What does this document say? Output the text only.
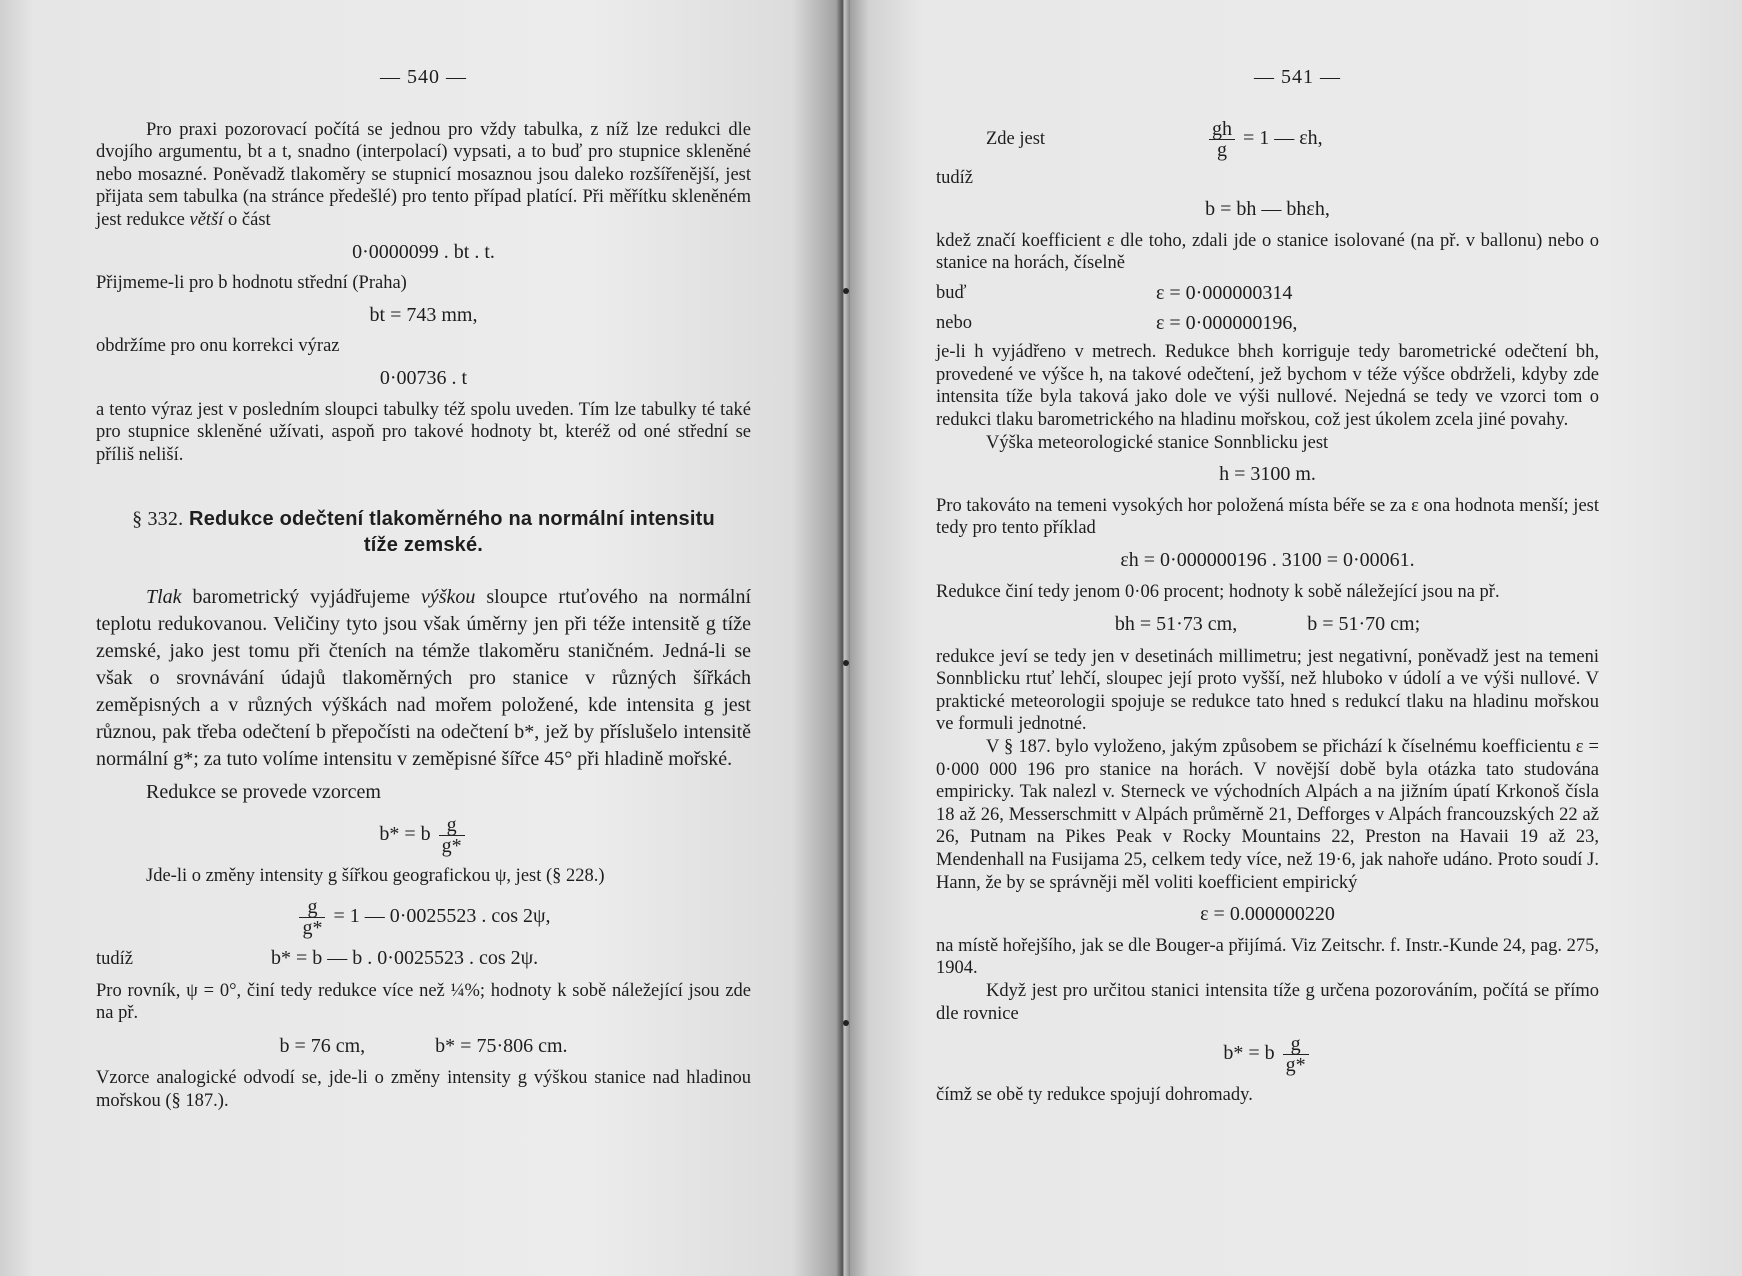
— 540 —

Pro praxi pozorovací počítá se jednou pro vždy tabulka, z níž lze redukci dle dvojího argumentu, bt a t, snadno (interpolací) vypsati, a to buď pro stupnice skleněné nebo mosazné. Poněvadž tlakoměry se stupnicí mosaznou jsou daleko rozšířenější, jest přijata sem tabulka (na stránce předešlé) pro tento případ platící. Při měřítku skleněném jest redukce větší o část

0·0000099 . bt . t.

Přijmeme-li pro b hodnotu střední (Praha)

bt = 743 mm,

obdržíme pro onu korrekci výraz

0·00736 . t

a tento výraz jest v posledním sloupci tabulky též spolu uveden. Tím lze tabulky té také pro stupnice skleněné užívati, aspoň pro takové hodnoty bt, kteréž od oné střední se příliš neliší.

§ 332. Redukce odečtení tlakoměrného na normální intensitu
tíže zemské.

Tlak barometrický vyjádřujeme výškou sloupce rtuťového na normální teplotu redukovanou. Veličiny tyto jsou však úměrny jen při téže intensitě g tíže zemské, jako jest tomu při čteních na témže tlakoměru staničném. Jedná-li se však o srovnávání údajů tlakoměrných pro stanice v různých šířkách zeměpisných a v různých výškách nad mořem položené, kde intensita g jest různou, pak třeba odečtení b přepočísti na odečtení b*, jež by příslušelo intensitě normální g*; za tuto volíme intensitu v zeměpisné šířce 45° při hladině mořské.

Redukce se provede vzorcem

b* = b $\frac{g}{g*}$

Jde-li o změny intensity g šířkou geografickou ψ, jest (§ 228.)

$\frac{g}{g*} = 1$ — 0·0025523 . cos 2ψ,
tudíž	b* = b — b . 0·0025523 . cos 2ψ.

Pro rovník, ψ = 0°, činí tedy redukce více než ¼%; hodnoty k sobě náležející jsou zde na př.

b = 76 cm,	b* = 75·806 cm.

Vzorce analogické odvodí se, jde-li o změny intensity g výškou stanice nad hladinou mořskou (§ 187.).

— 541 —
Zde jest	$\frac{gh}{g} = 1$ — εh,
tudíž
b = bh — bhεh,

kdež značí koefficient ε dle toho, zdali jde o stanice isolované (na př. v ballonu) nebo o stanice na horách, číselně

buď	ε = 0·000000314
nebo	ε = 0·000000196,

je-li h vyjádřeno v metrech. Redukce bhεh korriguje tedy barometrické odečtení bh, provedené ve výšce h, na takové odečtení, jež bychom v téže výšce obdrželi, kdyby zde intensita tíže byla taková jako dole ve výši nullové. Nejedná se tedy ve vzorci tom o redukci tlaku barometrického na hladinu mořskou, což jest úkolem zcela jiné povahy.

Výška meteorologické stanice Sonnblicku jest

h = 3100 m.

Pro takováto na temeni vysokých hor položená místa béře se za ε ona hodnota menší; jest tedy pro tento příklad

εh = 0·000000196 . 3100 = 0·00061.

Redukce činí tedy jenom 0·06 procent; hodnoty k sobě náležející jsou na př.

bh = 51·73 cm,	b = 51·70 cm;

redukce jeví se tedy jen v desetinách millimetru; jest negativní, poněvadž jest na temeni Sonnblicku rtuť lehčí, sloupec její proto vyšší, než hluboko v údolí a ve výši nullové. V praktické meteorologii spojuje se redukce tato hned s redukcí tlaku na hladinu mořskou ve formuli jednotné.

V § 187. bylo vyloženo, jakým způsobem se přichází k číselnému koefficientu ε = 0·000 000 196 pro stanice na horách. V novější době byla otázka tato studována empiricky. Tak nalezl v. Sterneck ve východních Alpách a na jižním úpatí Krkonoš čísla 18 až 26, Messerschmitt v Alpách průměrně 21, Defforges v Alpách francouzských 22 až 26, Putnam na Pikes Peak v Rocky Mountains 22, Preston na Havaii 19 až 23, Mendenhall na Fusijama 25, celkem tedy více, než 19·6, jak nahoře udáno. Proto soudí J. Hann, že by se správněji měl voliti koefficient empirický

ε = 0.000000220

na místě hořejšího, jak se dle Bouger-a přijímá. Viz Zeitschr. f. Instr.-Kunde 24, pag. 275, 1904.

Když jest pro určitou stanici intensita tíže g určena pozorováním, počítá se přímo dle rovnice

b* = b $\frac{g}{g*}$

čímž se obě ty redukce spojují dohromady.
